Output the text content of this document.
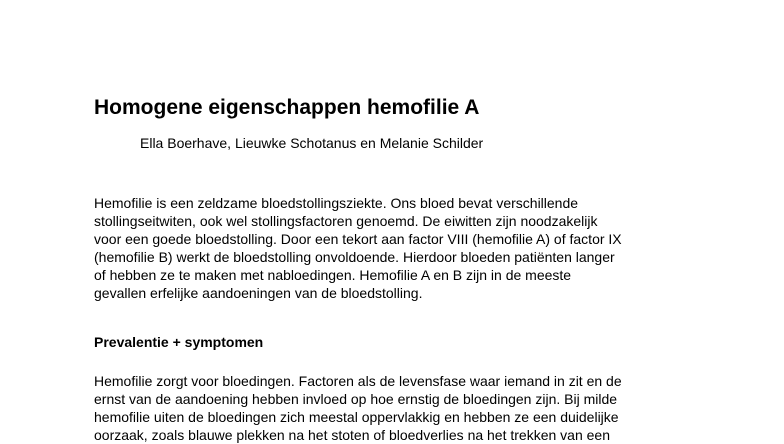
Homogene eigenschappen hemofilie A
Ella Boerhave, Lieuwke Schotanus en Melanie Schilder
Hemofilie is een zeldzame bloedstollingsziekte. Ons bloed bevat verschillende
stollingseitwiten, ook wel stollingsfactoren genoemd. De eiwitten zijn noodzakelijk
voor een goede bloedstolling. Door een tekort aan factor VIII (hemofilie A) of factor IX
(hemofilie B) werkt de bloedstolling onvoldoende. Hierdoor bloeden patiënten langer
of hebben ze te maken met nabloedingen. Hemofilie A en B zijn in de meeste
gevallen erfelijke aandoeningen van de bloedstolling.
Prevalentie + symptomen
Hemofilie zorgt voor bloedingen. Factoren als de levensfase waar iemand in zit en de
ernst van de aandoening hebben invloed op hoe ernstig de bloedingen zijn. Bij milde
hemofilie uiten de bloedingen zich meestal oppervlakkig en hebben ze een duidelijke
oorzaak, zoals blauwe plekken na het stoten of bloedverlies na het trekken van een
